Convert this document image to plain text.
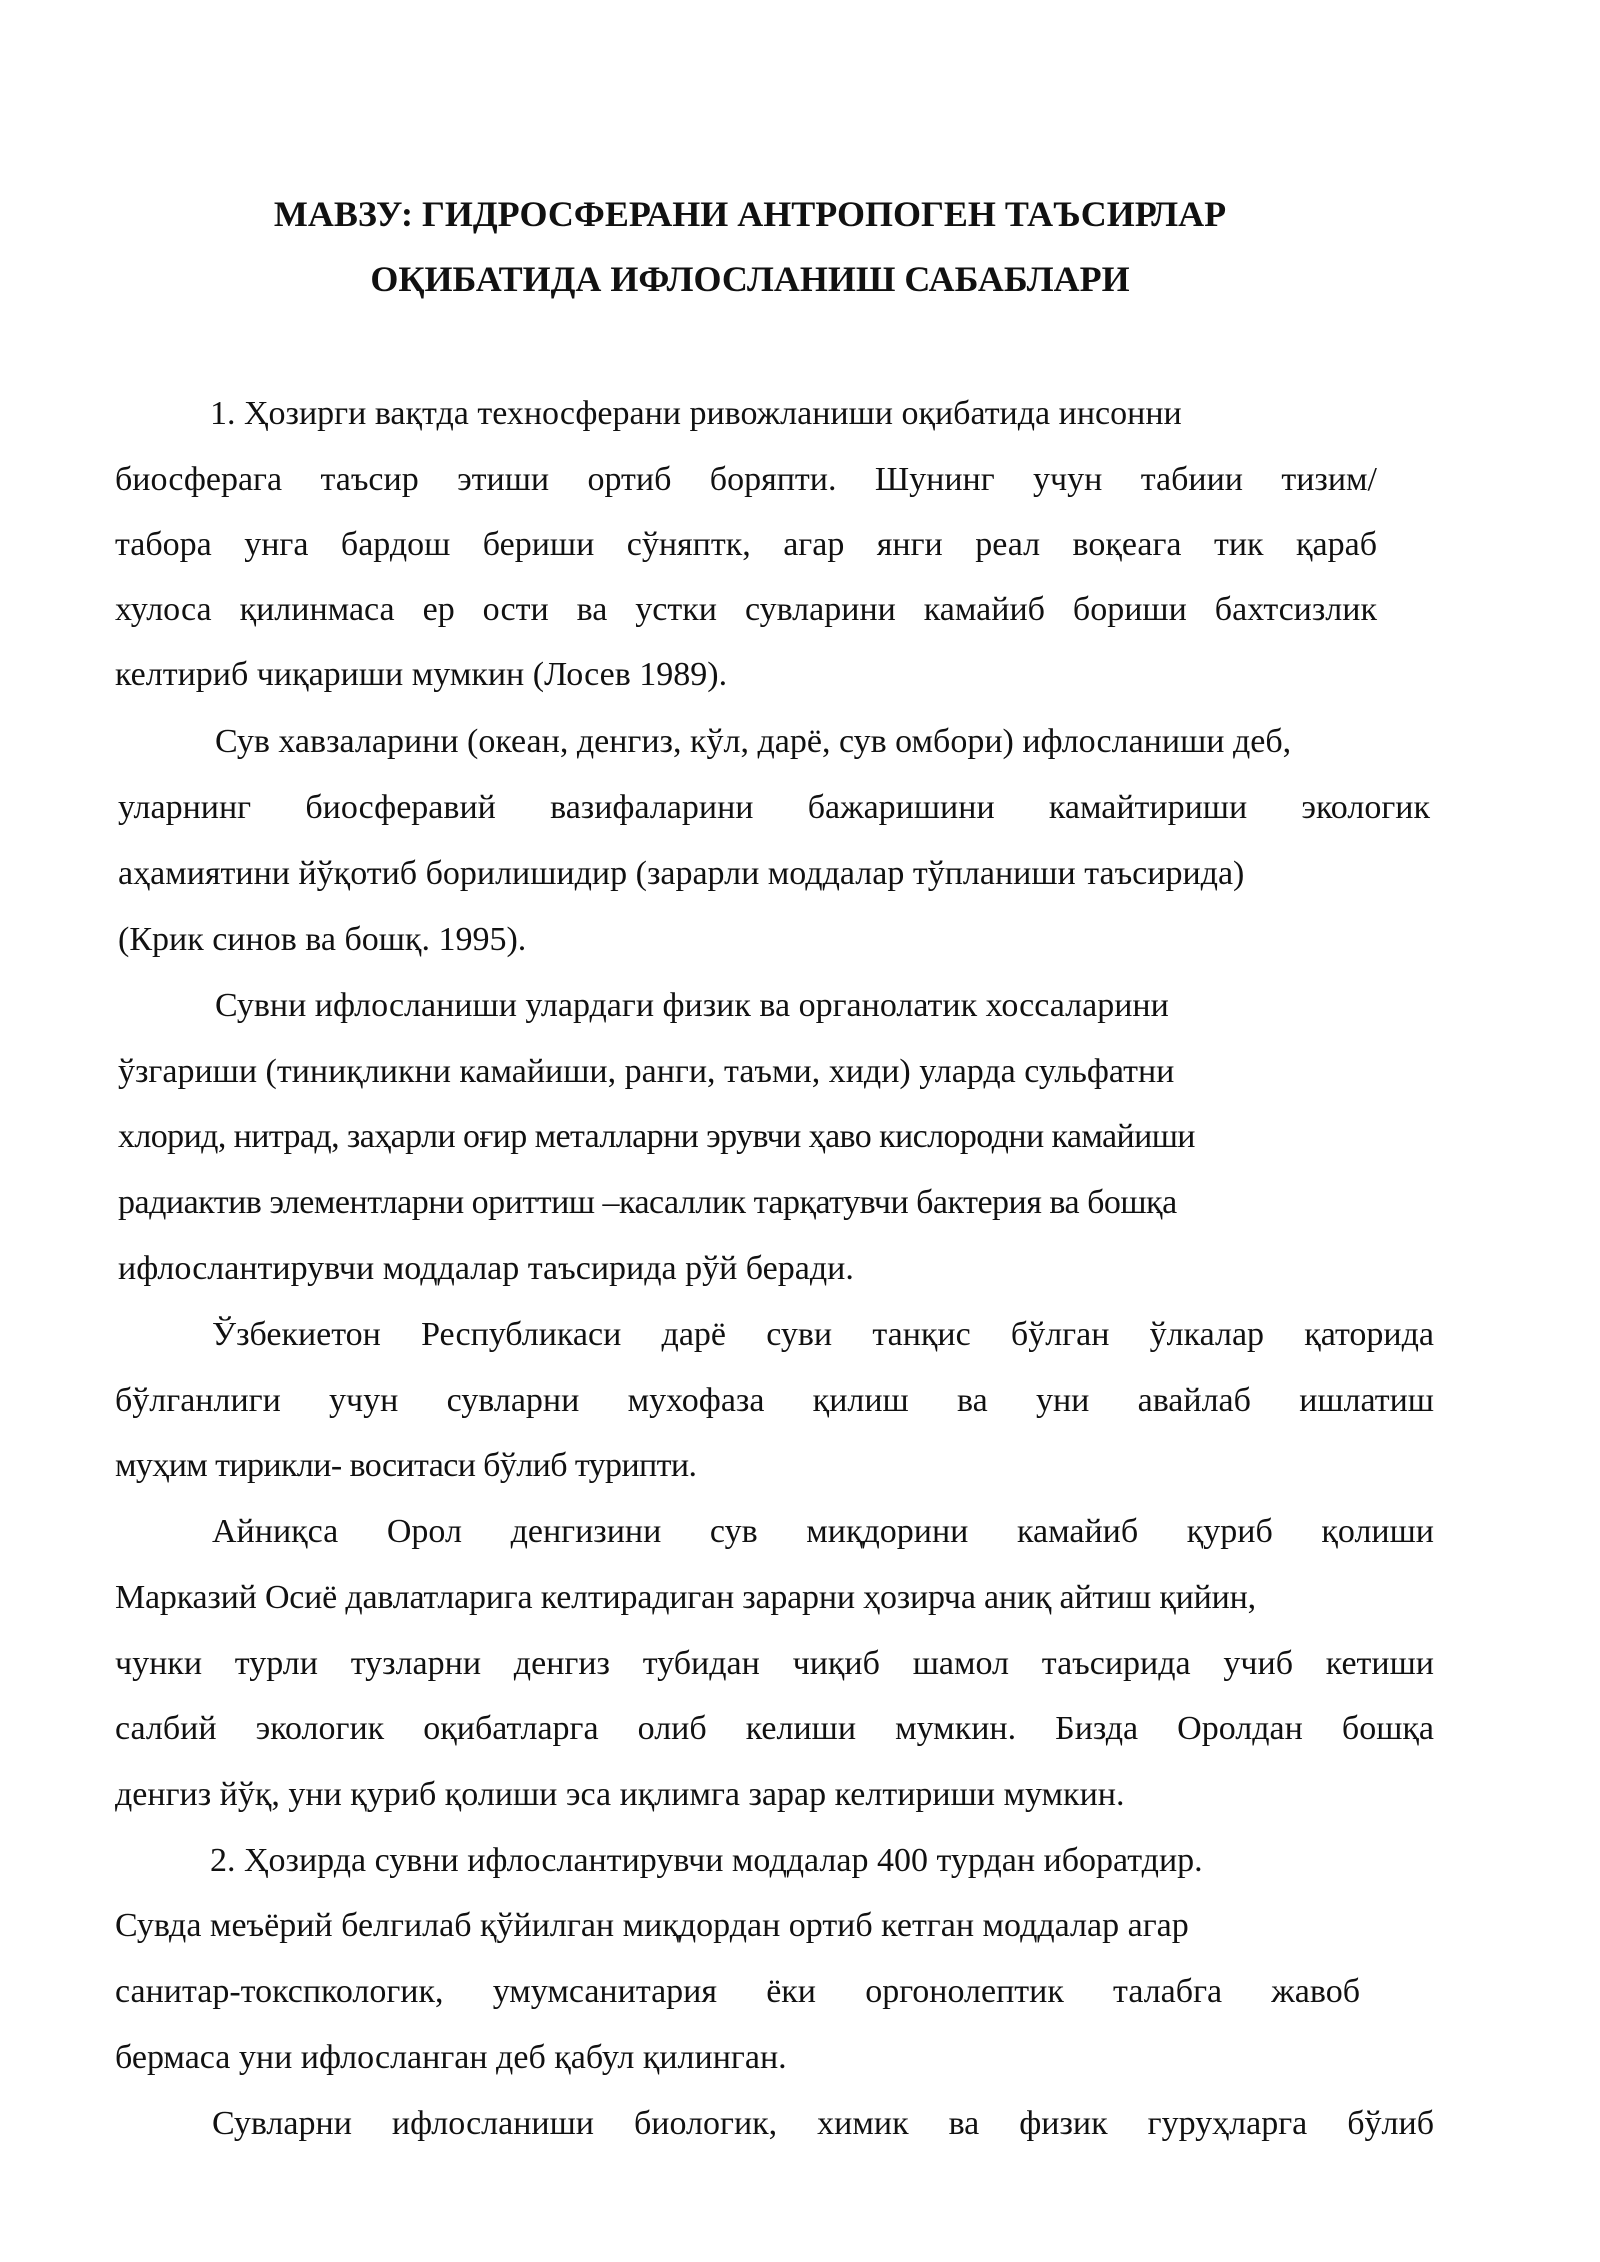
МАВЗУ: ГИДРОСФЕРАНИ АНТРОПОГЕН ТАЪСИРЛАР
ОҚИБАТИДА ИФЛОСЛАНИШ САБАБЛАРИ

1. Ҳозирги вақтда техносферани ривожланиши оқибатида инсонни

биосферага таъсир этиши ортиб боряпти. Шунинг учун табиии тизим/

табора унга бардош бериши сўняптк, агар янги реал воқеага тик қараб

хулоса қилинмаса ер ости ва устки сувларини камайиб бориши бахтсизлик

келтириб чиқариши мумкин (Лосев 1989).

Сув хавзаларини (океан, денгиз, кўл, дарё, сув омбори) ифлосланиши деб,

уларнинг биосферавий вазифаларини бажаришини камайтириши экологик

аҳамиятини йўқотиб борилишидир (зарарли моддалар тўпланиши таъсирида)

(Крик синов ва бошқ. 1995).

Сувни ифлосланиши улардаги физик ва органолатик хоссаларини

ўзгариши (тиниқликни камайиши, ранги, таъми, хиди) уларда сульфатни

хлорид, нитрад, заҳарли оғир металларни эрувчи ҳаво кислородни камайиши

радиактив элементларни ориттиш –касаллик тарқатувчи бактерия ва бошқа

ифлослантирувчи моддалар таъсирида рўй беради.

Ўзбекиетон Республикаси дарё суви танқис бўлган ўлкалар қаторида

бўлганлиги учун сувларни мухофаза қилиш ва уни авайлаб ишлатиш

муҳим тирикли- воситаси бўлиб турипти.

Айниқса Орол денгизини сув миқдорини камайиб қуриб қолиши

Марказий Осиё давлатларига келтирадиган зарарни ҳозирча аниқ айтиш қийин,

чунки турли тузларни денгиз тубидан чиқиб шамол таъсирида учиб кетиши

салбий экологик оқибатларга олиб келиши мумкин. Бизда Оролдан бошқа

денгиз йўқ, уни қуриб қолиши эса иқлимга зарар келтириши мумкин.

2. Ҳозирда сувни ифлослантирувчи моддалар 400 турдан иборатдир.

Сувда меъёрий белгилаб қўйилган миқдордан ортиб кетган моддалар агар

санитар-токспкологик, умумсанитария ёки оргонолептик талабга жавоб

бермаса уни ифлосланган деб қабул қилинган.

Сувларни ифлосланиши биологик, химик ва физик гуруҳларга бўлиб
